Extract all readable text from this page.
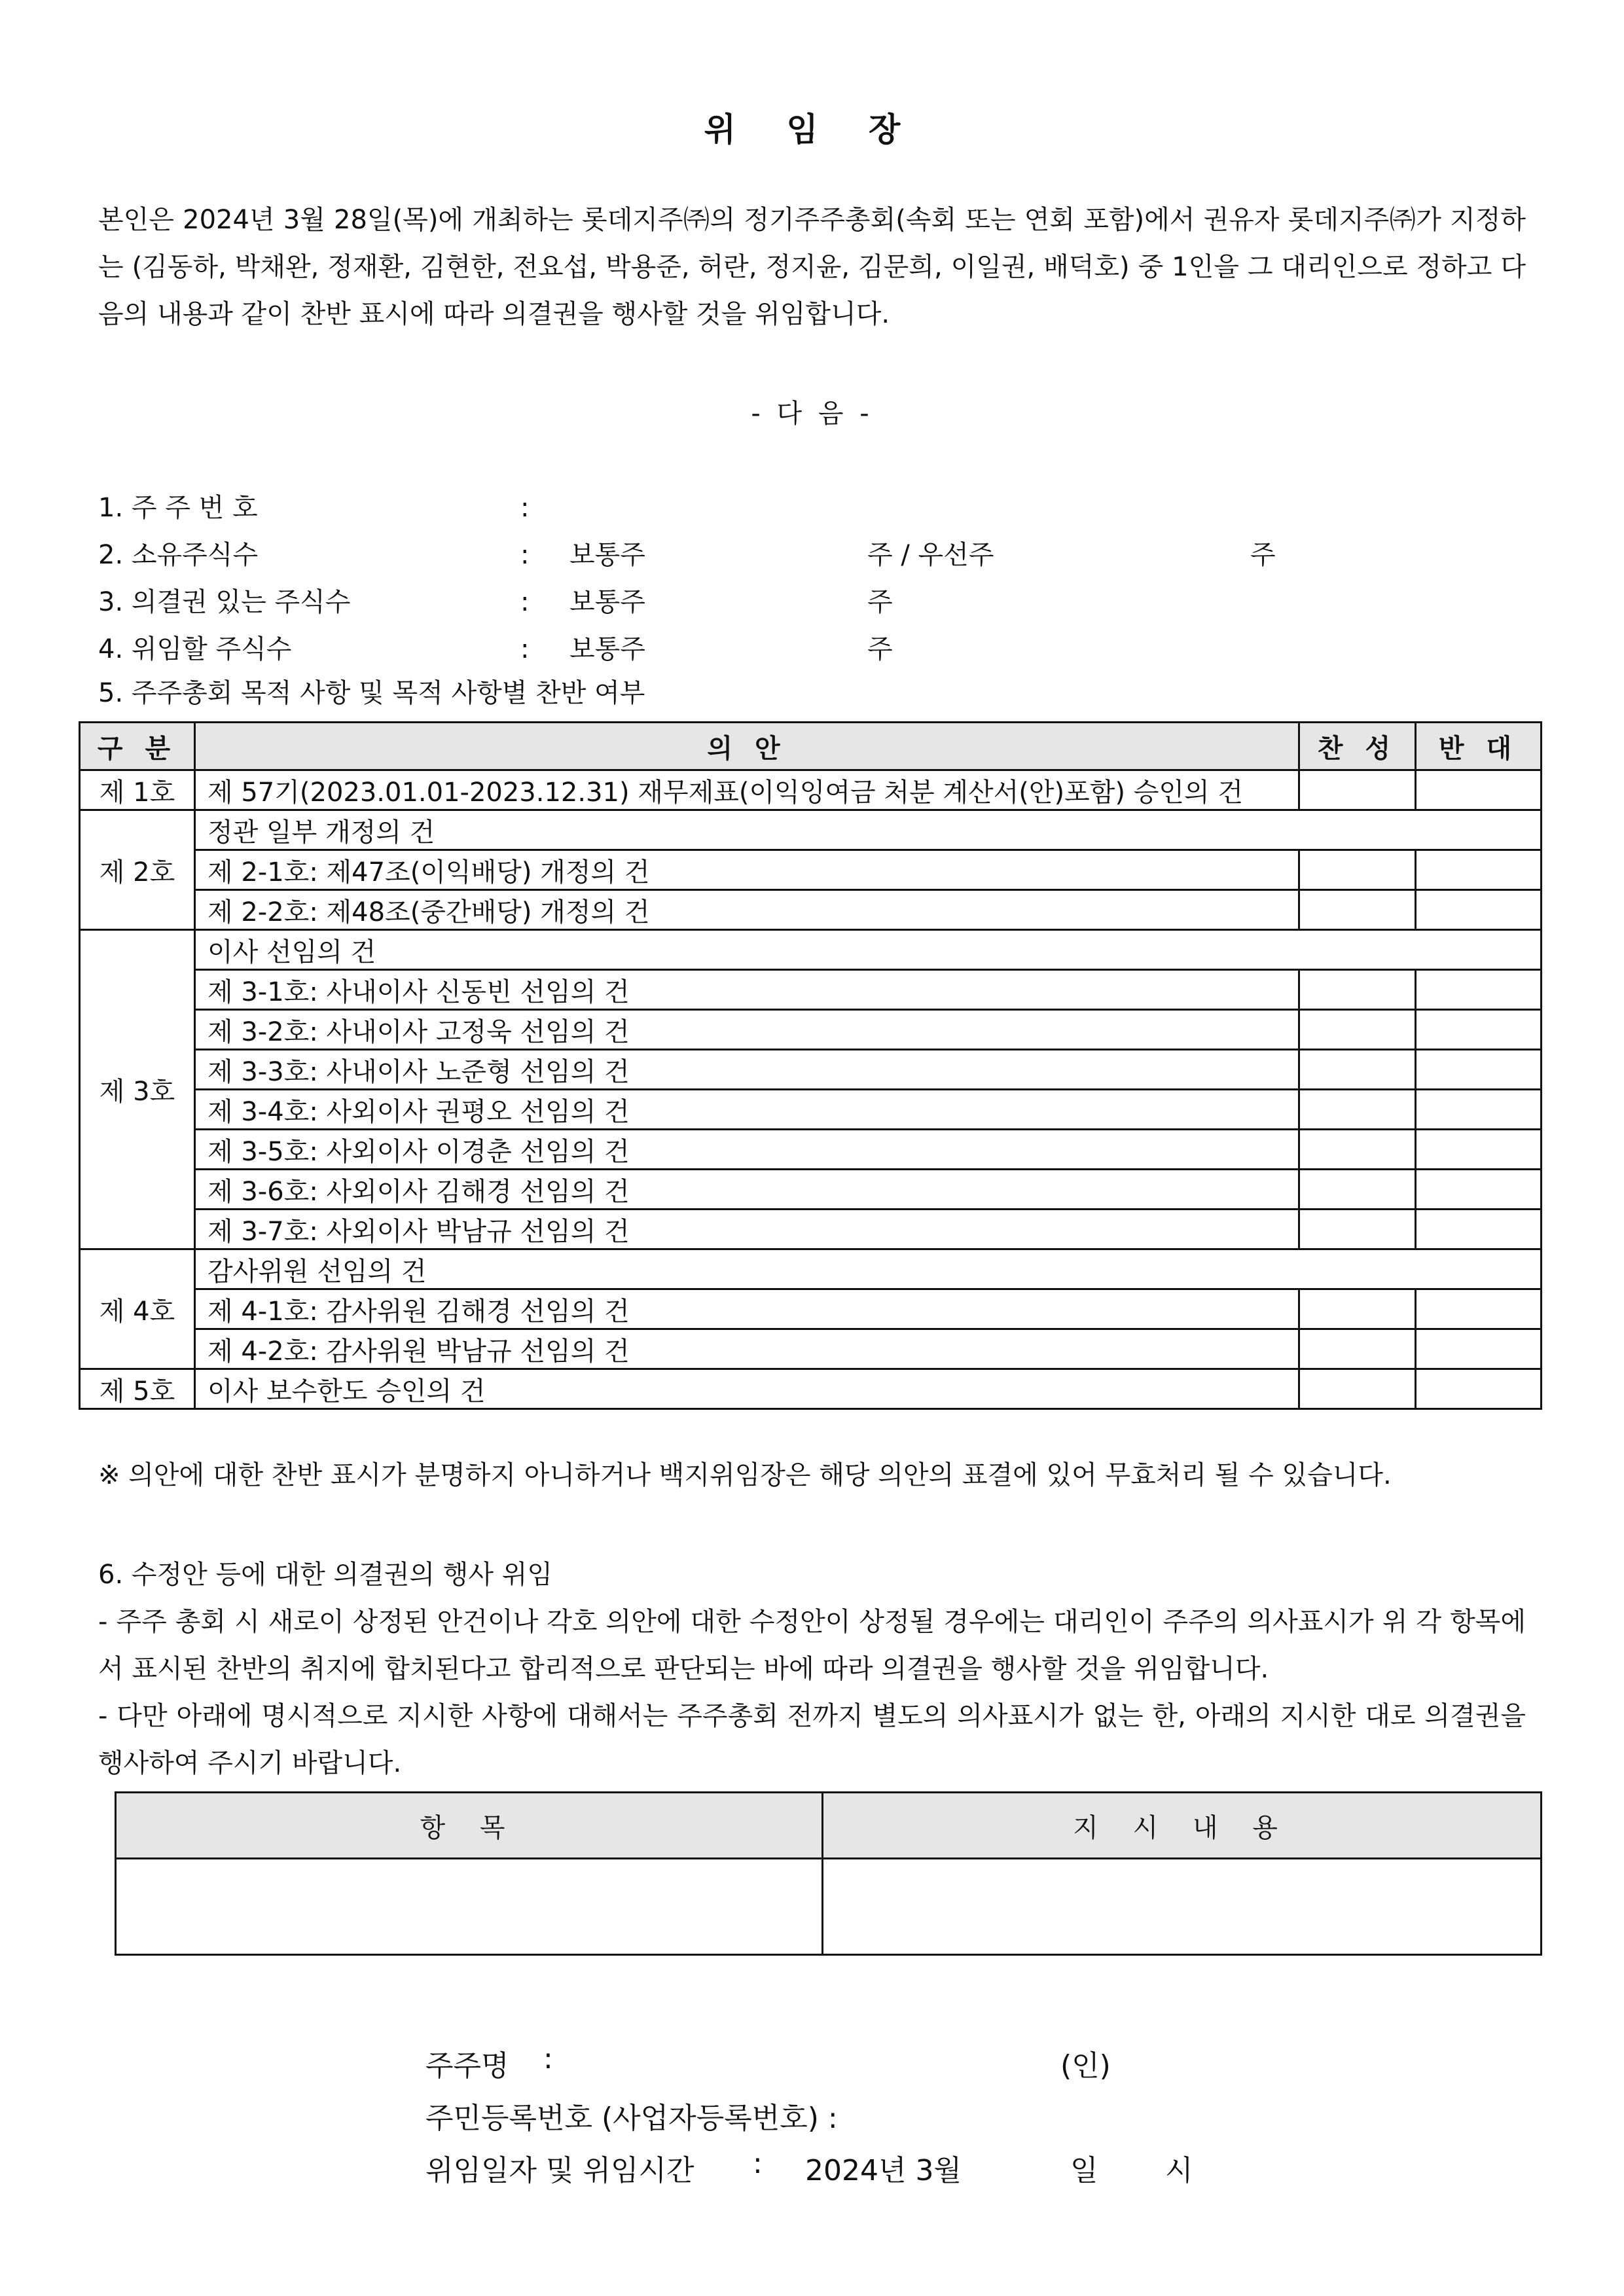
위 임 장
본인은 2024년 3월 28일(목)에 개최하는 롯데지주㈜의 정기주주총회(속회 또는 연회 포함)에서 권유자 롯데지주㈜가 지정하는 (김동하, 박채완, 정재환, 김현한, 전요섭, 박용준, 허란, 정지윤, 김문희, 이일권, 배덕호) 중 1인을 그 대리인으로 정하고 다음의 내용과 같이 찬반 표시에 따라 의결권을 행사할 것을 위임합니다.
- 다 음 -
1. 주 주 번 호	:
2. 소유주식수	: 보통주	주 / 우선주	주
3. 의결권 있는 주식수	: 보통주	주
4. 위임할 주식수	: 보통주	주
5. 주주총회 목적 사항 및 목적 사항별 찬반 여부
구 분	의 안	찬 성	반 대
제 1호	제 57기(2023.01.01-2023.12.31) 재무제표(이익잉여금 처분 계산서(안)포함) 승인의 건		
제 2호	정관 일부 개정의 건		
	제 2-1호: 제47조(이익배당) 개정의 건		
	제 2-2호: 제48조(중간배당) 개정의 건		
제 3호	이사 선임의 건		
	제 3-1호: 사내이사 신동빈 선임의 건		
	제 3-2호: 사내이사 고정욱 선임의 건		
	제 3-3호: 사내이사 노준형 선임의 건		
	제 3-4호: 사외이사 권평오 선임의 건		
	제 3-5호: 사외이사 이경춘 선임의 건		
	제 3-6호: 사외이사 김해경 선임의 건		
	제 3-7호: 사외이사 박남규 선임의 건		
제 4호	감사위원 선임의 건		
	제 4-1호: 감사위원 김해경 선임의 건		
	제 4-2호: 감사위원 박남규 선임의 건		
제 5호	이사 보수한도 승인의 건		
※ 의안에 대한 찬반 표시가 분명하지 아니하거나 백지위임장은 해당 의안의 표결에 있어 무효처리 될 수 있습니다.

6. 수정안 등에 대한 의결권의 행사 위임

- 주주 총회 시 새로이 상정된 안건이나 각호 의안에 대한 수정안이 상정될 경우에는 대리인이 주주의 의사표시가 위 각 항목에서 표시된 찬반의 취지에 합치된다고 합리적으로 판단되는 바에 따라 의결권을 행사할 것을 위임합니다.

- 다만 아래에 명시적으로 지시한 사항에 대해서는 주주총회 전까지 별도의 의사표시가 없는 한, 아래의 지시한 대로 의결권을 행사하여 주시기 바랍니다.

항 목	지 시 내 용

주주명 :	(인)
주민등록번호 (사업자등록번호) :
위임일자 및 위임시간 : 2024년 3월	일 시
